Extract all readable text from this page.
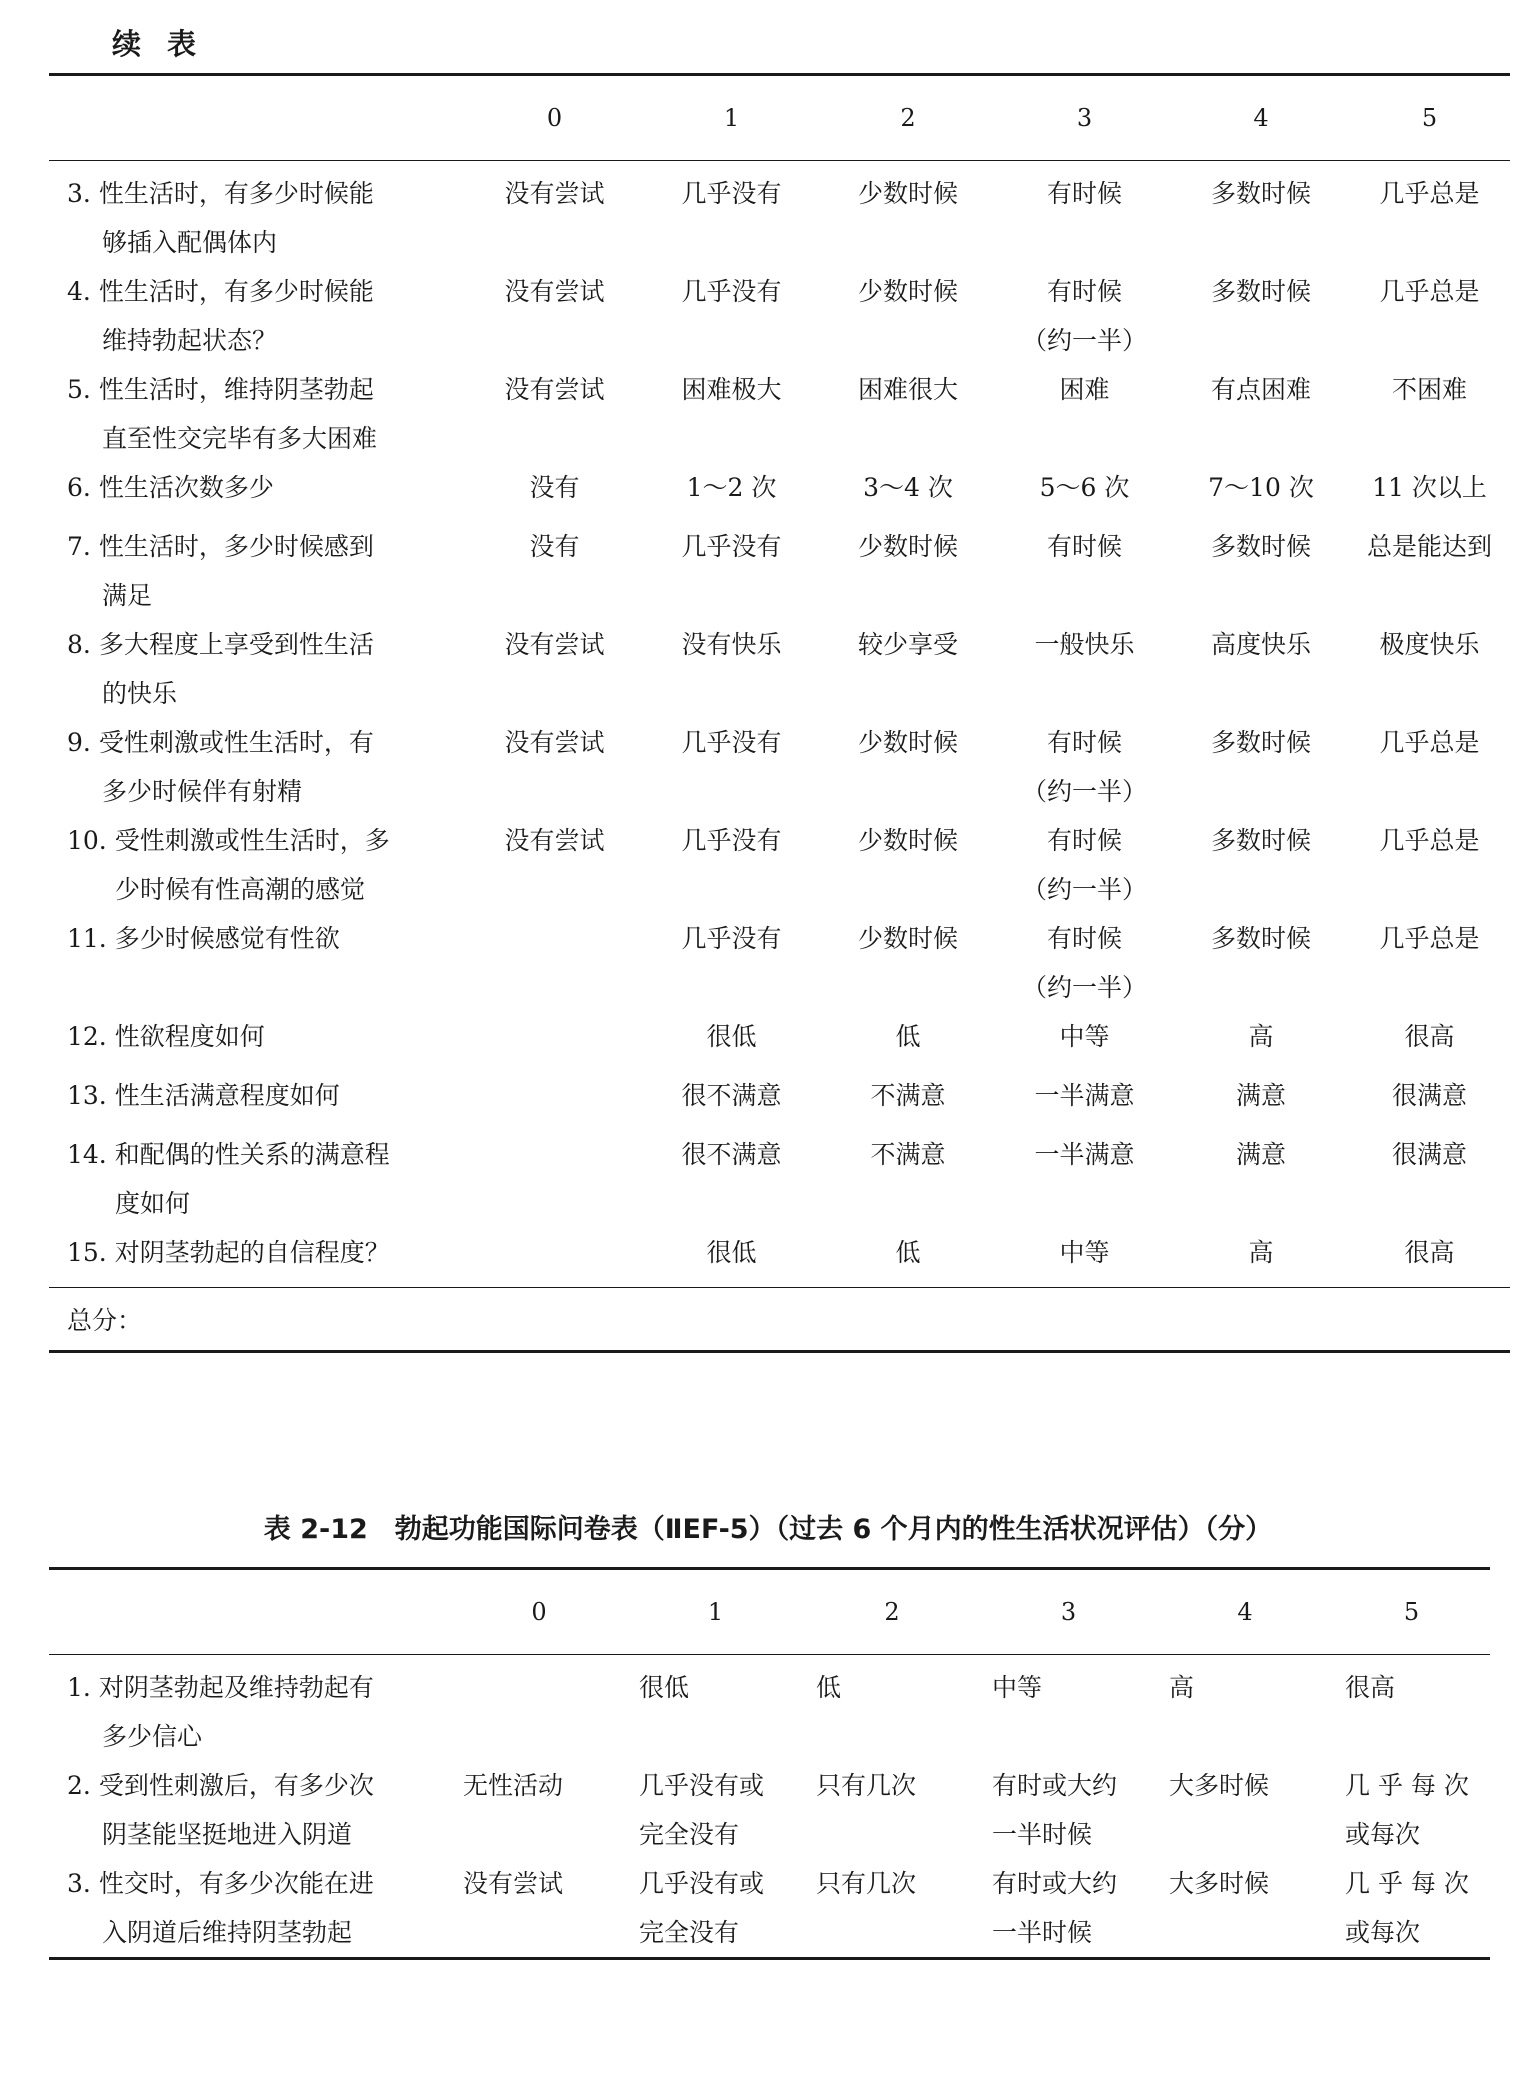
续表
	0	1	2	3	4	5

3. 性生活时，有多少时候能
够插入配偶体内	没有尝试	几乎没有	少数时候	有时候	多数时候	几乎总是

4. 性生活时，有多少时候能
维持勃起状态？	没有尝试	几乎没有	少数时候	有时候
（约一半）	多数时候	几乎总是

5. 性生活时，维持阴茎勃起
直至性交完毕有多大困难	没有尝试	困难极大	困难很大	困难	有点困难	不困难

6. 性生活次数多少	没有	1～2 次	3～4 次	5～6 次	7～10 次	11 次以上

7. 性生活时，多少时候感到
满足	没有	几乎没有	少数时候	有时候	多数时候	总是能达到

8. 多大程度上享受到性生活
的快乐	没有尝试	没有快乐	较少享受	一般快乐	高度快乐	极度快乐

9. 受性刺激或性生活时，有
多少时候伴有射精	没有尝试	几乎没有	少数时候	有时候
（约一半）	多数时候	几乎总是

10. 受性刺激或性生活时，多
少时候有性高潮的感觉	没有尝试	几乎没有	少数时候	有时候
（约一半）	多数时候	几乎总是

11. 多少时候感觉有性欲		几乎没有	少数时候	有时候
（约一半）	多数时候	几乎总是

12. 性欲程度如何		很低	低	中等	高	很高

13. 性生活满意程度如何		很不满意	不满意	一半满意	满意	很满意

14. 和配偶的性关系的满意程
度如何		很不满意	不满意	一半满意	满意	很满意

15. 对阴茎勃起的自信程度？		很低	低	中等	高	很高
总分：						
表 2-12　勃起功能国际问卷表（ⅡEF-5）（过去 6 个月内的性生活状况评估）（分）
	0	1	2	3	4	5

1. 对阴茎勃起及维持勃起有
多少信心		很低	低	中等	高	很高

2. 受到性刺激后，有多少次
阴茎能坚挺地进入阴道	无性活动	几乎没有或
完全没有	只有几次	有时或大约
一半时候	大多时候	几 乎 每 次
或每次

3. 性交时，有多少次能在进
入阴道后维持阴茎勃起	没有尝试	几乎没有或
完全没有	只有几次	有时或大约
一半时候	大多时候	几 乎 每 次
或每次
